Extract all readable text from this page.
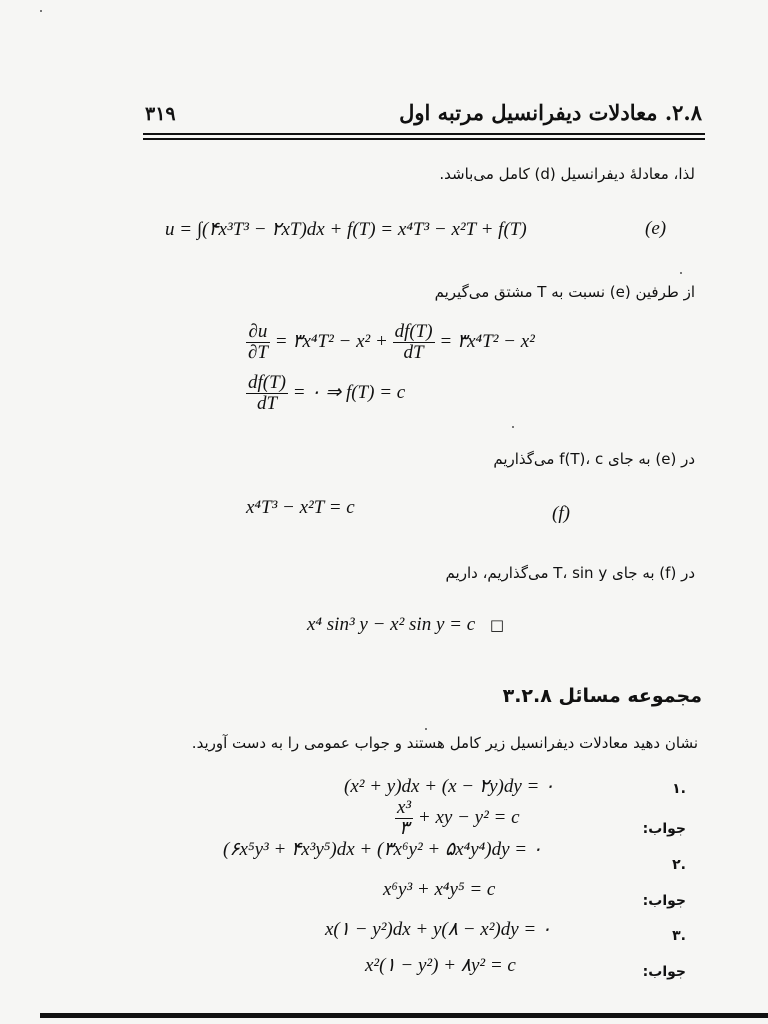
۳۱۹	۲.۸. معادلات دیفرانسیل مرتبه اول
لذا، معادلهٔ دیفرانسیل (d) کامل می‌باشد.
u = ∫(۴x³T³ − ۲xT)dx + f(T) = x⁴T³ − x²T + f(T)	(e)
از طرفین (e) نسبت به T مشتق می‌گیریم
$\frac{\partial u}{\partial T}$ = ۳x⁴T² − $x^2 + \frac{df(T)}{dT}$ = ۳x⁴T² − x²
$\frac{df(T)}{dT}$ = ۰ ⇒ f(T) = c
در (e) به جای f(T)، c می‌گذاریم
x⁴T³ − x²T = c	(f)
در (f) به جای T، sin y می‌گذاریم، داریم
x⁴ sin³ y − x² sin y = c □
مجموعه مسائل ۳.۲.۸
نشان دهید معادلات دیفرانسیل زیر کامل هستند و جواب عمومی را به دست آورید.
.۱
(x² + y)dx + (x − ۲y)dy = ۰
جواب:
$\frac{\text{x³}}{۳}$ + xy − y² = c
.۲
(۶x⁵y³ + ۴x³y⁵)dx + (۳x⁶y² + ۵x⁴y⁴)dy = ۰
جواب:
x⁶y³ + x⁴y⁵ = c
.۳
x(۱ − y²)dx + y(۸ − x²)dy = ۰
جواب:
x²(۱ − y²) + ۸y² = c
